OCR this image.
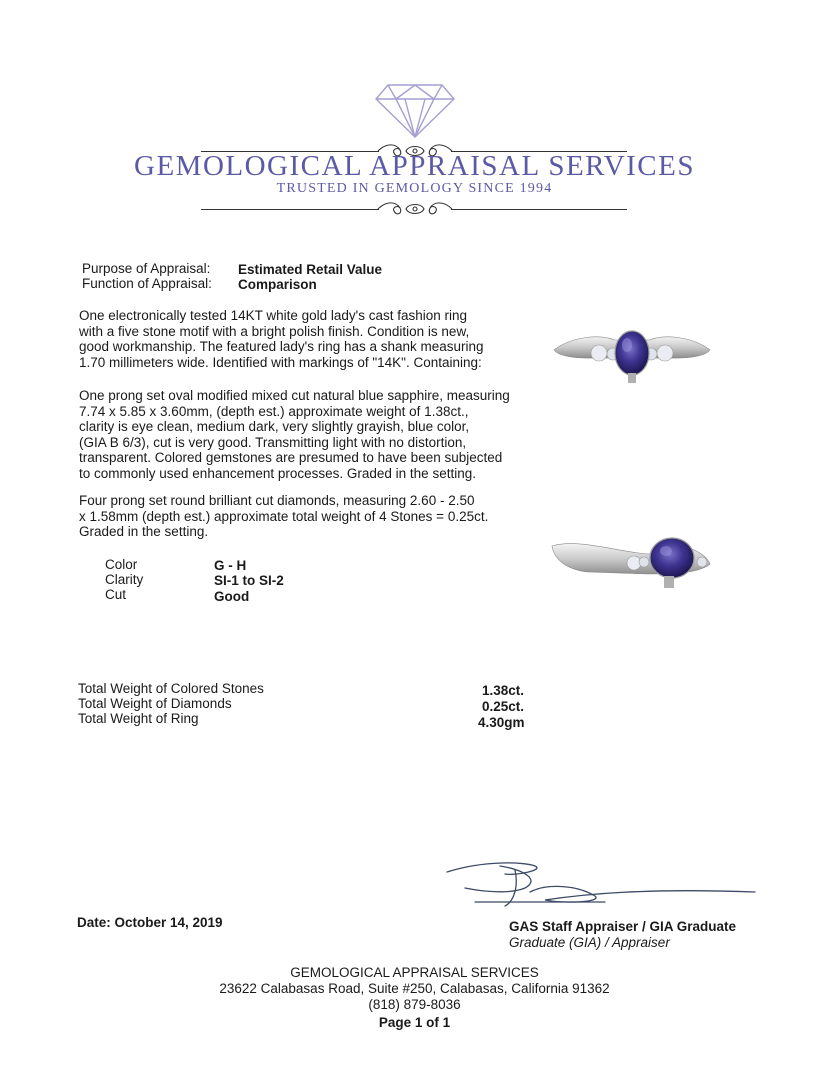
GEMOLOGICAL APPRAISAL SERVICES
TRUSTED IN GEMOLOGY SINCE 1994
Purpose of Appraisal: Estimated Retail Value
Function of Appraisal: Comparison
One electronically tested 14KT white gold lady's cast fashion ring
with a five stone motif with a bright polish finish. Condition is new,
good workmanship. The featured lady's ring has a shank measuring
1.70 millimeters wide. Identified with markings of "14K". Containing:
One prong set oval modified mixed cut natural blue sapphire, measuring
7.74 x 5.85 x 3.60mm, (depth est.) approximate weight of 1.38ct.,
clarity is eye clean, medium dark, very slightly grayish, blue color,
(GIA B 6/3), cut is very good. Transmitting light with no distortion,
transparent. Colored gemstones are presumed to have been subjected
to commonly used enhancement processes. Graded in the setting.
Four prong set round brilliant cut diamonds, measuring 2.60 - 2.50
x 1.58mm (depth est.) approximate total weight of 4 Stones = 0.25ct.
Graded in the setting.
Color	G - H
Clarity	SI-1 to SI-2
Cut	Good
Total Weight of Colored Stones	1.38ct.
Total Weight of Diamonds	0.25ct.
Total Weight of Ring	4.30gm
Date: October 14, 2019	GAS Staff Appraiser / GIA Graduate
Graduate (GIA) / Appraiser
GEMOLOGICAL APPRAISAL SERVICES
23622 Calabasas Road, Suite #250, Calabasas, California 91362
(818) 879-8036
Page 1 of 1
